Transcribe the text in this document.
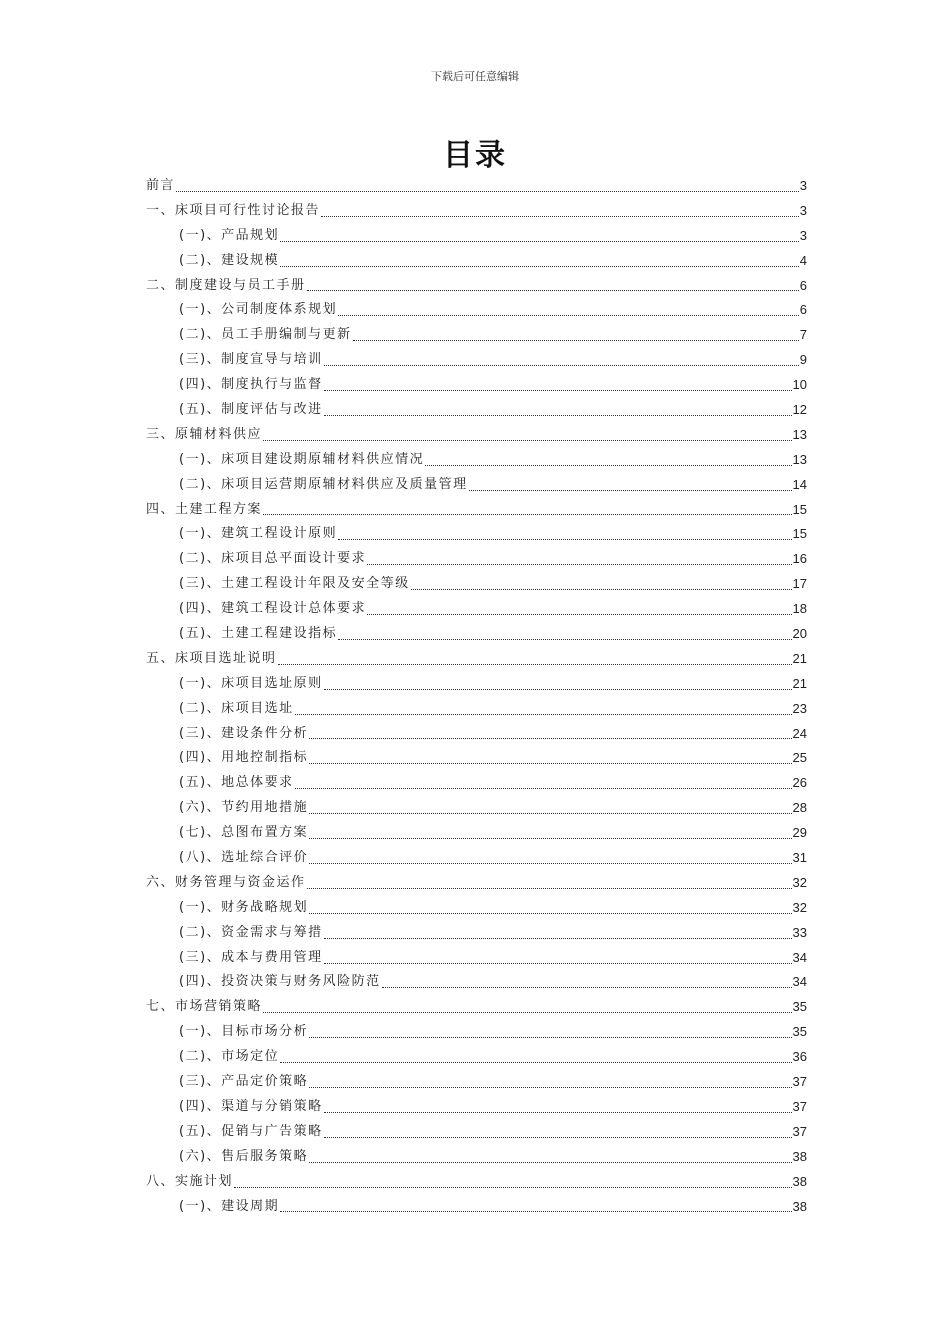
下载后可任意编辑
目录
前言	3
一、床项目可行性讨论报告	3
(一)、产品规划	3
(二)、建设规模	4
二、制度建设与员工手册	6
(一)、公司制度体系规划	6
(二)、员工手册编制与更新	7
(三)、制度宣导与培训	9
(四)、制度执行与监督	10
(五)、制度评估与改进	12
三、原辅材料供应	13
(一)、床项目建设期原辅材料供应情况	13
(二)、床项目运营期原辅材料供应及质量管理	14
四、土建工程方案	15
(一)、建筑工程设计原则	15
(二)、床项目总平面设计要求	16
(三)、土建工程设计年限及安全等级	17
(四)、建筑工程设计总体要求	18
(五)、土建工程建设指标	20
五、床项目选址说明	21
(一)、床项目选址原则	21
(二)、床项目选址	23
(三)、建设条件分析	24
(四)、用地控制指标	25
(五)、地总体要求	26
(六)、节约用地措施	28
(七)、总图布置方案	29
(八)、选址综合评价	31
六、财务管理与资金运作	32
(一)、财务战略规划	32
(二)、资金需求与筹措	33
(三)、成本与费用管理	34
(四)、投资决策与财务风险防范	34
七、市场营销策略	35
(一)、目标市场分析	35
(二)、市场定位	36
(三)、产品定价策略	37
(四)、渠道与分销策略	37
(五)、促销与广告策略	37
(六)、售后服务策略	38
八、实施计划	38
(一)、建设周期	38
